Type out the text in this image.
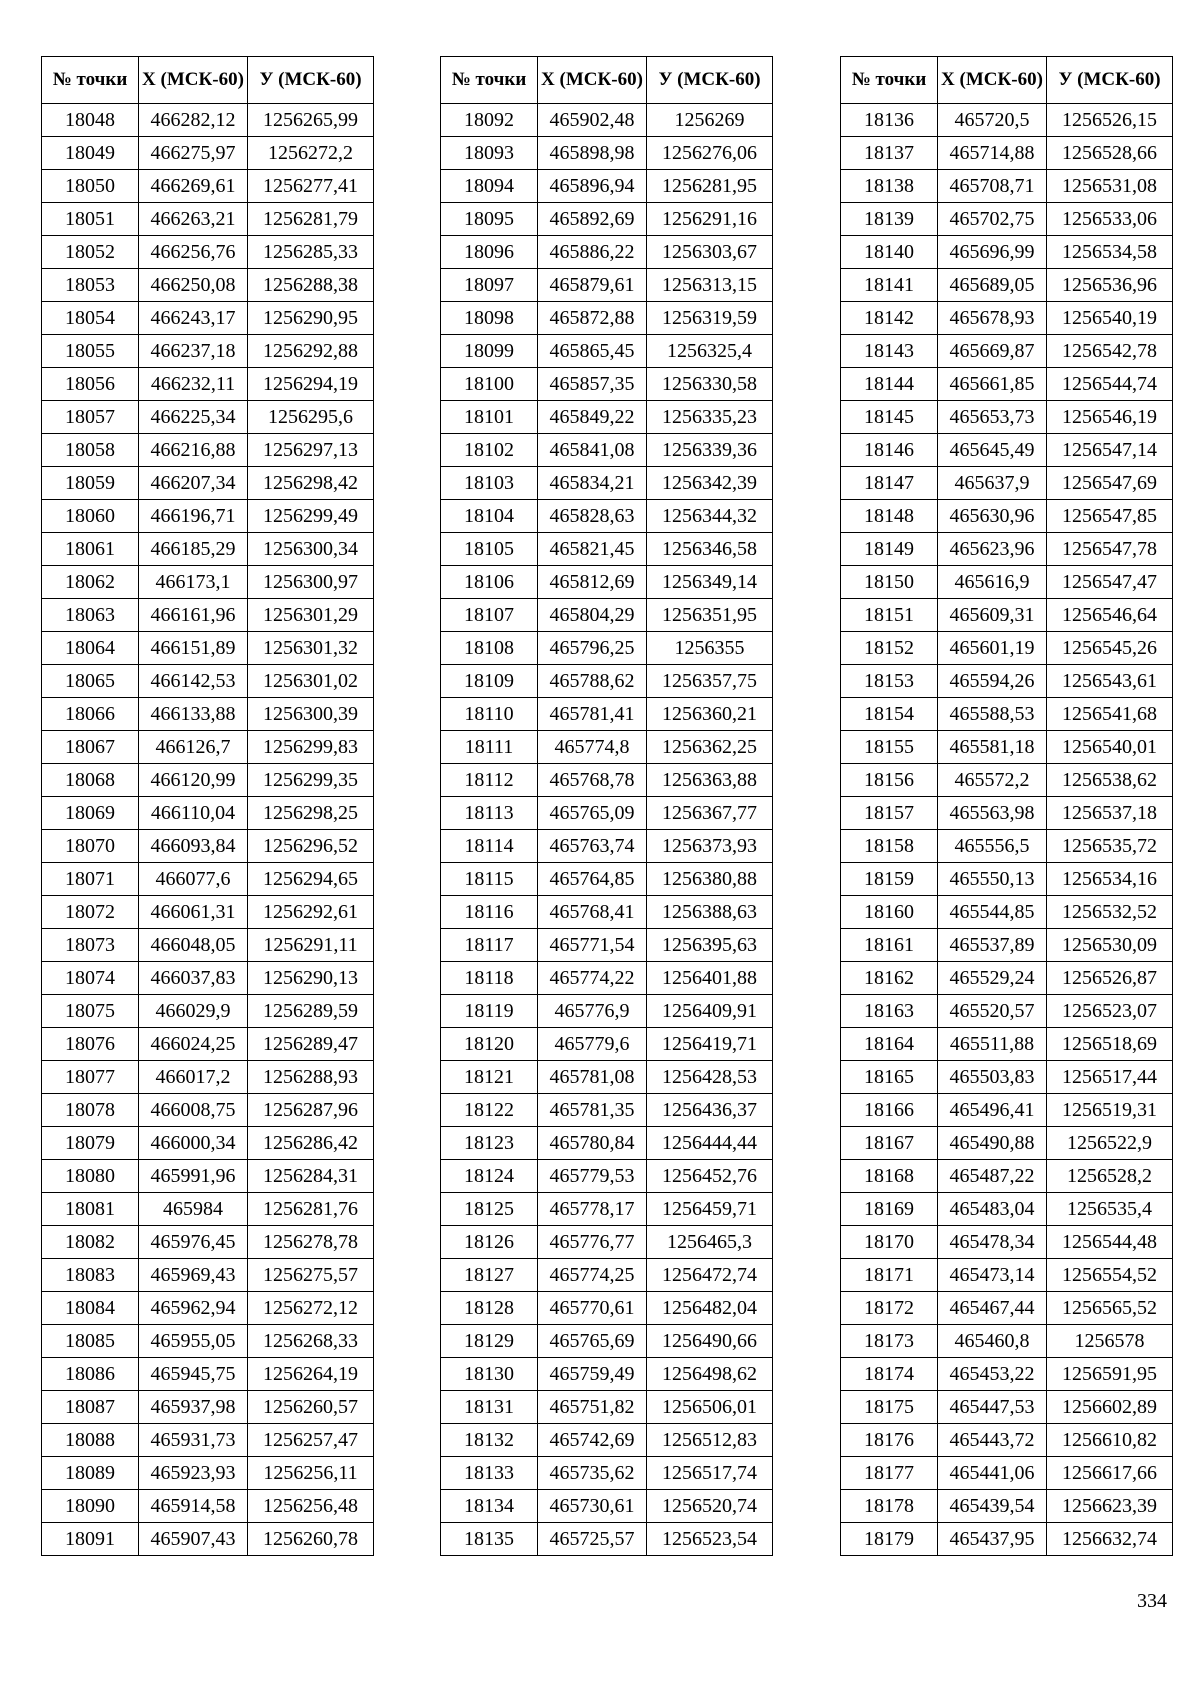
№ точки	Х (МСК-60)	У (МСК-60)
18048	466282,12	1256265,99
18049	466275,97	1256272,2
18050	466269,61	1256277,41
18051	466263,21	1256281,79
18052	466256,76	1256285,33
18053	466250,08	1256288,38
18054	466243,17	1256290,95
18055	466237,18	1256292,88
18056	466232,11	1256294,19
18057	466225,34	1256295,6
18058	466216,88	1256297,13
18059	466207,34	1256298,42
18060	466196,71	1256299,49
18061	466185,29	1256300,34
18062	466173,1	1256300,97
18063	466161,96	1256301,29
18064	466151,89	1256301,32
18065	466142,53	1256301,02
18066	466133,88	1256300,39
18067	466126,7	1256299,83
18068	466120,99	1256299,35
18069	466110,04	1256298,25
18070	466093,84	1256296,52
18071	466077,6	1256294,65
18072	466061,31	1256292,61
18073	466048,05	1256291,11
18074	466037,83	1256290,13
18075	466029,9	1256289,59
18076	466024,25	1256289,47
18077	466017,2	1256288,93
18078	466008,75	1256287,96
18079	466000,34	1256286,42
18080	465991,96	1256284,31
18081	465984	1256281,76
18082	465976,45	1256278,78
18083	465969,43	1256275,57
18084	465962,94	1256272,12
18085	465955,05	1256268,33
18086	465945,75	1256264,19
18087	465937,98	1256260,57
18088	465931,73	1256257,47
18089	465923,93	1256256,11
18090	465914,58	1256256,48
18091	465907,43	1256260,78
№ точки	Х (МСК-60)	У (МСК-60)
18092	465902,48	1256269
18093	465898,98	1256276,06
18094	465896,94	1256281,95
18095	465892,69	1256291,16
18096	465886,22	1256303,67
18097	465879,61	1256313,15
18098	465872,88	1256319,59
18099	465865,45	1256325,4
18100	465857,35	1256330,58
18101	465849,22	1256335,23
18102	465841,08	1256339,36
18103	465834,21	1256342,39
18104	465828,63	1256344,32
18105	465821,45	1256346,58
18106	465812,69	1256349,14
18107	465804,29	1256351,95
18108	465796,25	1256355
18109	465788,62	1256357,75
18110	465781,41	1256360,21
18111	465774,8	1256362,25
18112	465768,78	1256363,88
18113	465765,09	1256367,77
18114	465763,74	1256373,93
18115	465764,85	1256380,88
18116	465768,41	1256388,63
18117	465771,54	1256395,63
18118	465774,22	1256401,88
18119	465776,9	1256409,91
18120	465779,6	1256419,71
18121	465781,08	1256428,53
18122	465781,35	1256436,37
18123	465780,84	1256444,44
18124	465779,53	1256452,76
18125	465778,17	1256459,71
18126	465776,77	1256465,3
18127	465774,25	1256472,74
18128	465770,61	1256482,04
18129	465765,69	1256490,66
18130	465759,49	1256498,62
18131	465751,82	1256506,01
18132	465742,69	1256512,83
18133	465735,62	1256517,74
18134	465730,61	1256520,74
18135	465725,57	1256523,54
№ точки	Х (МСК-60)	У (МСК-60)
18136	465720,5	1256526,15
18137	465714,88	1256528,66
18138	465708,71	1256531,08
18139	465702,75	1256533,06
18140	465696,99	1256534,58
18141	465689,05	1256536,96
18142	465678,93	1256540,19
18143	465669,87	1256542,78
18144	465661,85	1256544,74
18145	465653,73	1256546,19
18146	465645,49	1256547,14
18147	465637,9	1256547,69
18148	465630,96	1256547,85
18149	465623,96	1256547,78
18150	465616,9	1256547,47
18151	465609,31	1256546,64
18152	465601,19	1256545,26
18153	465594,26	1256543,61
18154	465588,53	1256541,68
18155	465581,18	1256540,01
18156	465572,2	1256538,62
18157	465563,98	1256537,18
18158	465556,5	1256535,72
18159	465550,13	1256534,16
18160	465544,85	1256532,52
18161	465537,89	1256530,09
18162	465529,24	1256526,87
18163	465520,57	1256523,07
18164	465511,88	1256518,69
18165	465503,83	1256517,44
18166	465496,41	1256519,31
18167	465490,88	1256522,9
18168	465487,22	1256528,2
18169	465483,04	1256535,4
18170	465478,34	1256544,48
18171	465473,14	1256554,52
18172	465467,44	1256565,52
18173	465460,8	1256578
18174	465453,22	1256591,95
18175	465447,53	1256602,89
18176	465443,72	1256610,82
18177	465441,06	1256617,66
18178	465439,54	1256623,39
18179	465437,95	1256632,74
334
